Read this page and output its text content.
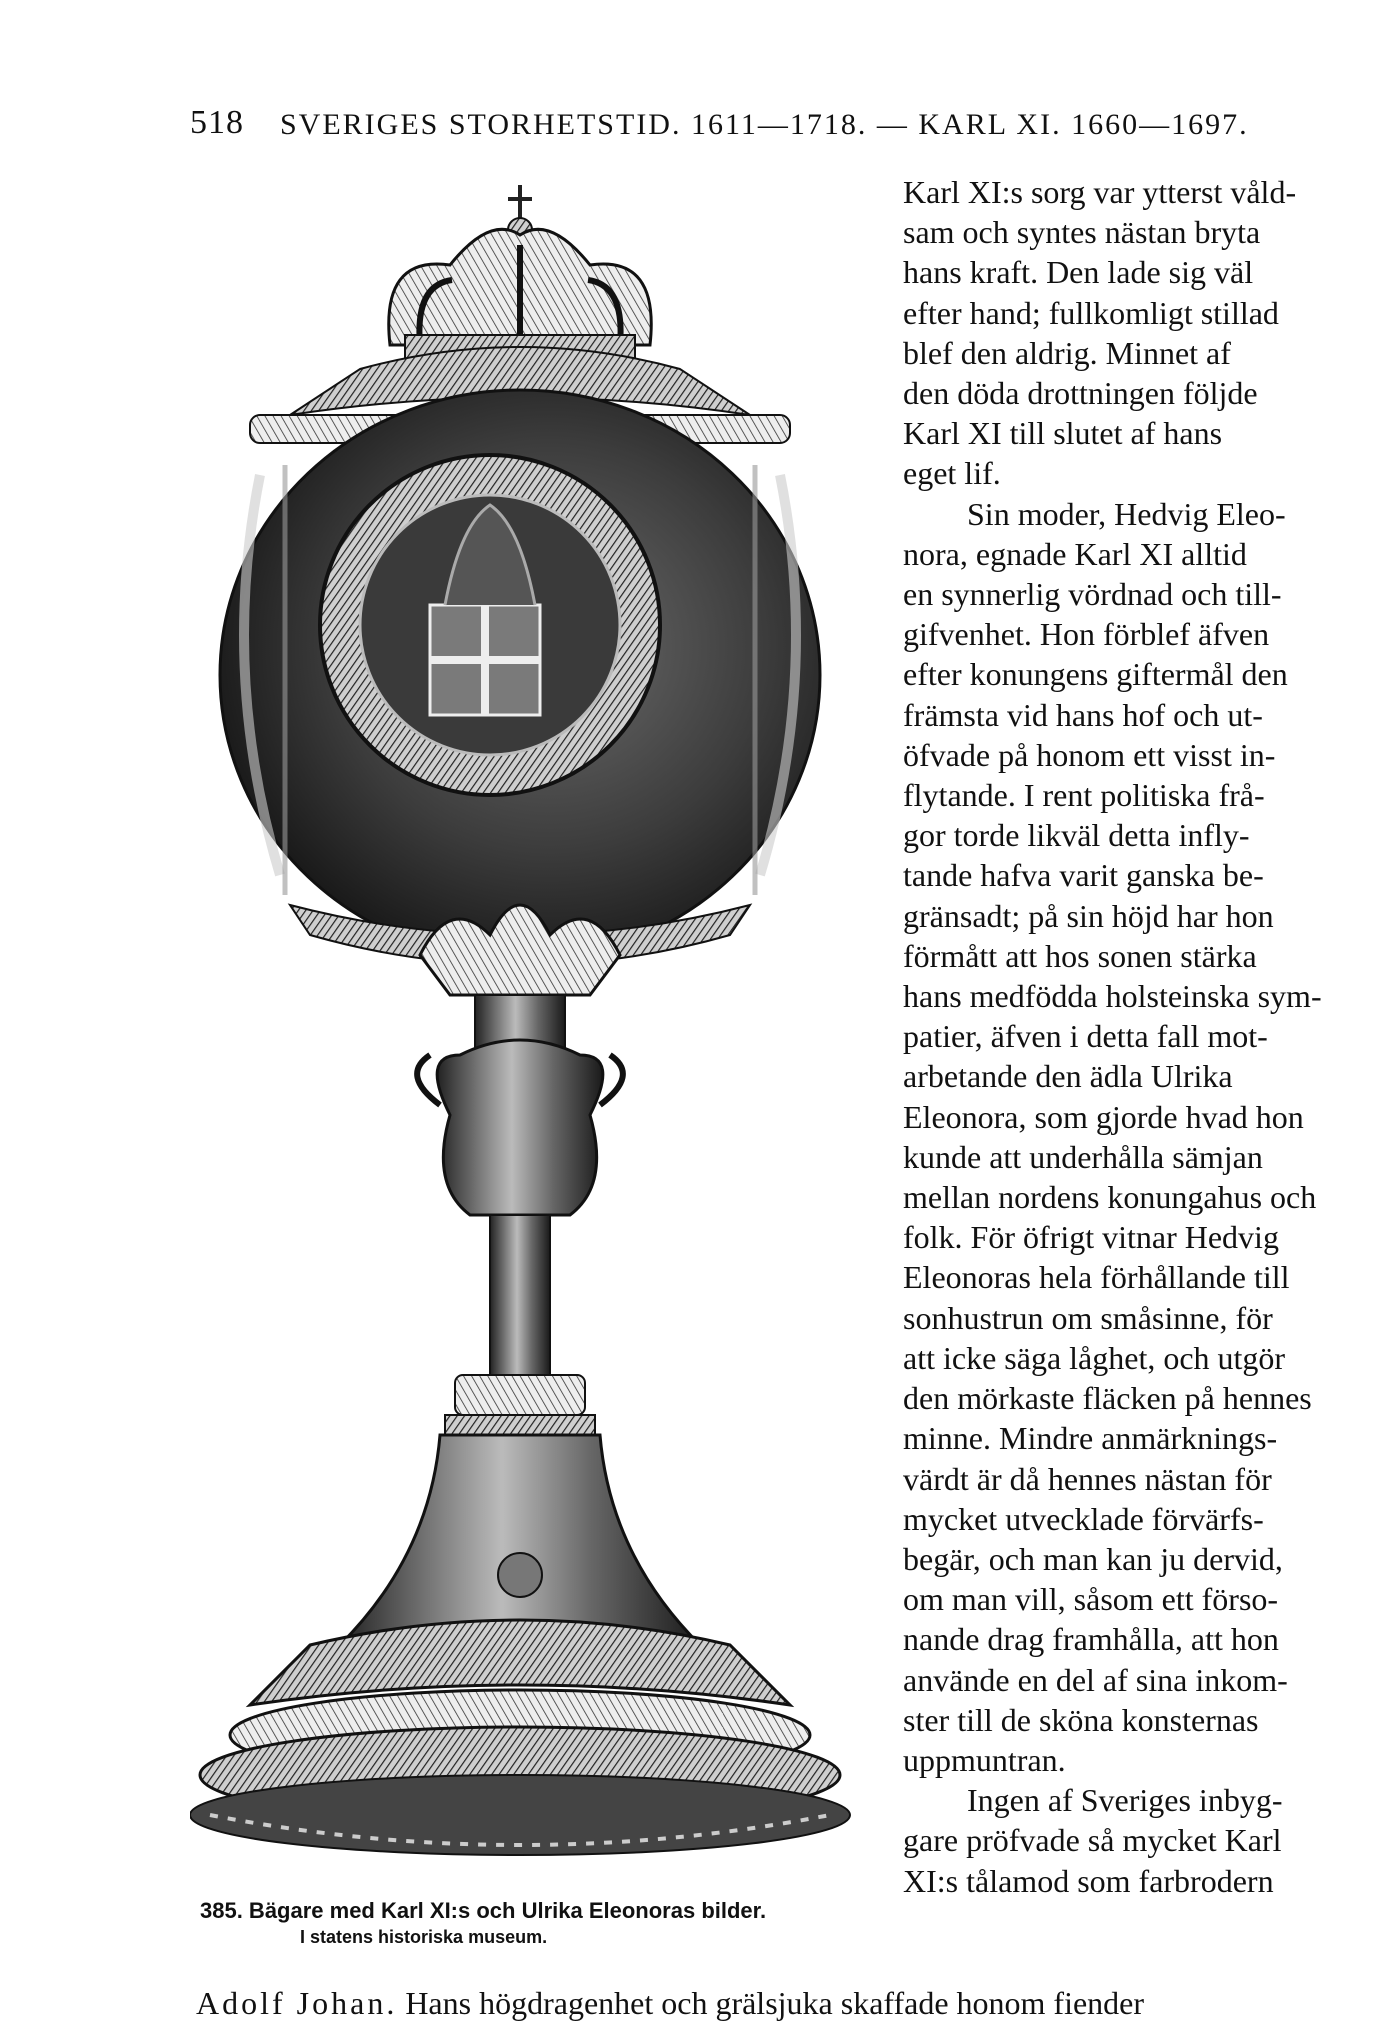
518 SVERIGES STORHETSTID. 1611—1718. — KARL XI. 1660—1697.
385. Bägare med Karl XI:s och Ulrika Eleonoras bilder.
I statens historiska museum.
Karl XI:s sorg var ytterst våld-
sam och syntes nästan bryta
hans kraft. Den lade sig väl
efter hand; fullkomligt stillad
blef den aldrig. Minnet af
den döda drottningen följde
Karl XI till slutet af hans
eget lif.
Sin moder, Hedvig Eleo-
nora, egnade Karl XI alltid
en synnerlig vördnad och till-
gifvenhet. Hon förblef äfven
efter konungens giftermål den
främsta vid hans hof och ut-
öfvade på honom ett visst in-
flytande. I rent politiska frå-
gor torde likväl detta infly-
tande hafva varit ganska be-
gränsadt; på sin höjd har hon
förmått att hos sonen stärka
hans medfödda holsteinska sym-
patier, äfven i detta fall mot-
arbetande den ädla Ulrika
Eleonora, som gjorde hvad hon
kunde att underhålla sämjan
mellan nordens konungahus och
folk. För öfrigt vitnar Hedvig
Eleonoras hela förhållande till
sonhustrun om småsinne, för
att icke säga låghet, och utgör
den mörkaste fläcken på hennes
minne. Mindre anmärknings-
värdt är då hennes nästan för
mycket utvecklade förvärfs-
begär, och man kan ju dervid,
om man vill, såsom ett förso-
nande drag framhålla, att hon
använde en del af sina inkom-
ster till de sköna konsternas
uppmuntran.
Ingen af Sveriges inbyg-
gare pröfvade så mycket Karl
XI:s tålamod som farbrodern
Adolf Johan. Hans högdragenhet och grälsjuka skaffade honom fiender
